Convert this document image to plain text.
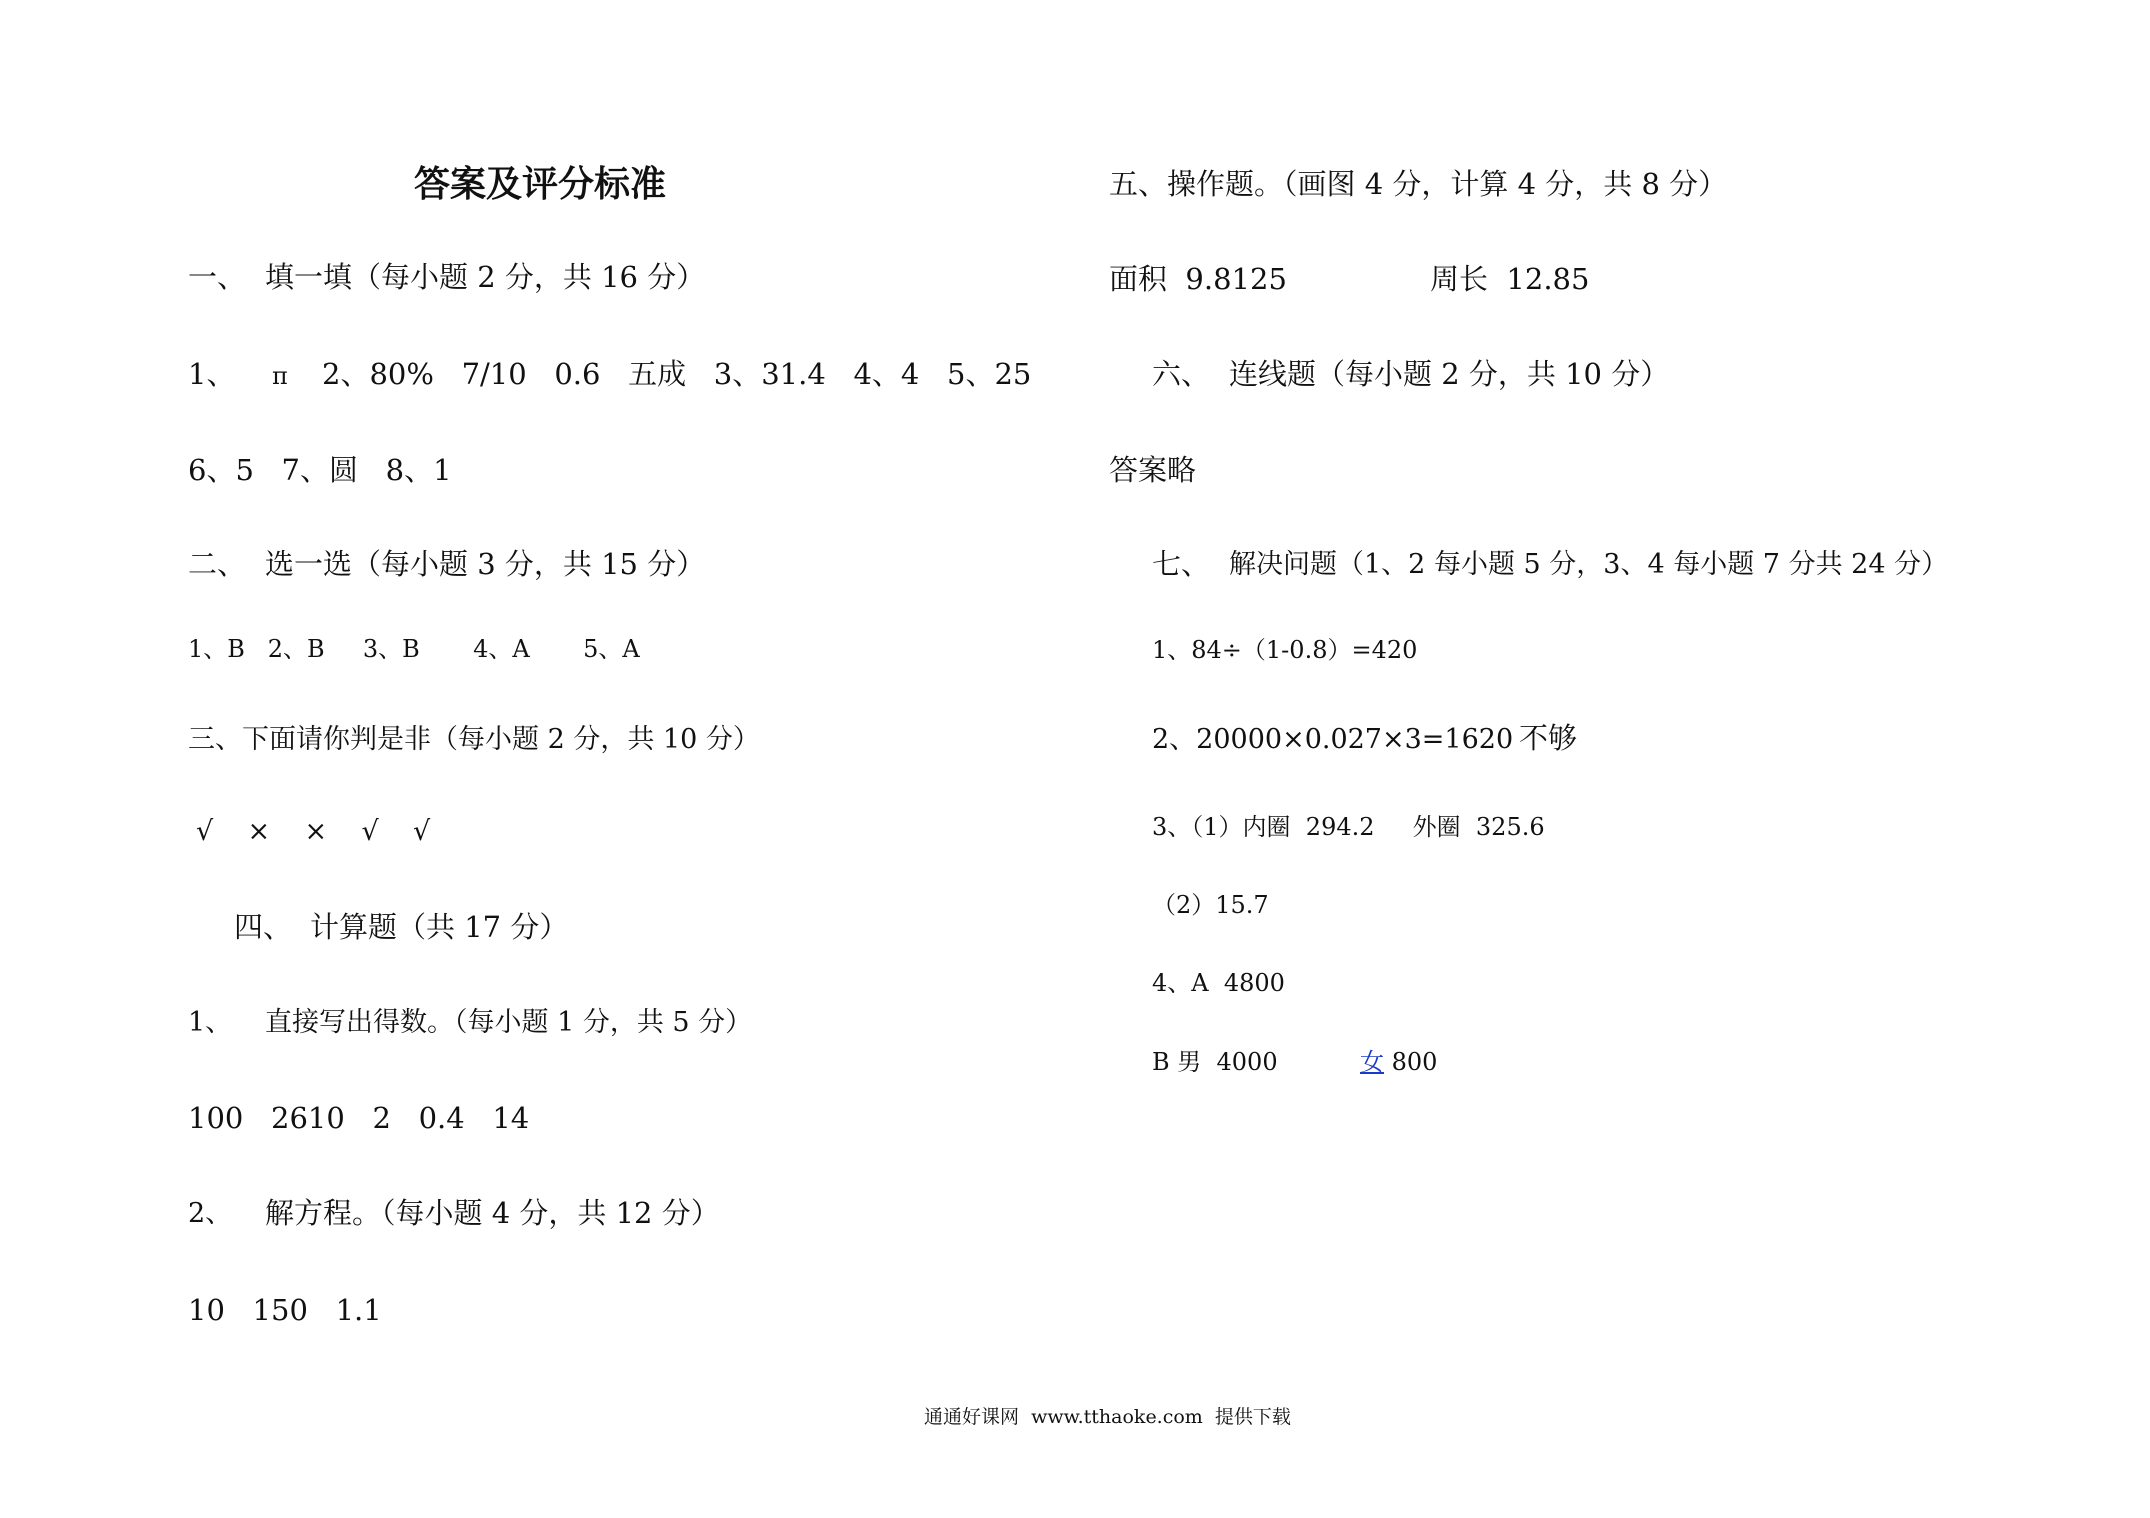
答案及评分标准
一、 填一填（每小题 2 分，共 16 分）
1、 π 2、80%   7/10   0.6   五成   3、31.4   4、4   5、25
6、5   7、圆   8、1
二、 选一选（每小题 3 分，共 15 分）
1、B   2、B     3、B       4、A       5、A
三、下面请你判是非（每小题 2 分，共 10 分）
√    ×    ×    √    √
四、 计算题（共 17 分）
1、 直接写出得数。（每小题 1 分，共 5 分）
100   2610   2   0.4   14
2、 解方程。（每小题 4 分，共 12 分）
10   150   1.1
五、操作题。（画图 4 分，计算 4 分，共 8 分）
面积  9.8125	周长  12.85
六、 连线题（每小题 2 分，共 10 分）
答案略
七、 解决问题（1、2 每小题 5 分，3、4 每小题 7 分共 24 分）
1、84÷（1-0.8）=420
2、20000×0.027×3=1620 不够
3、（1）内圈  294.2     外圈  325.6
（2）15.7
4、A  4800
B 男  4000	女 800
通通好课网  www.tthaoke.com  提供下载
